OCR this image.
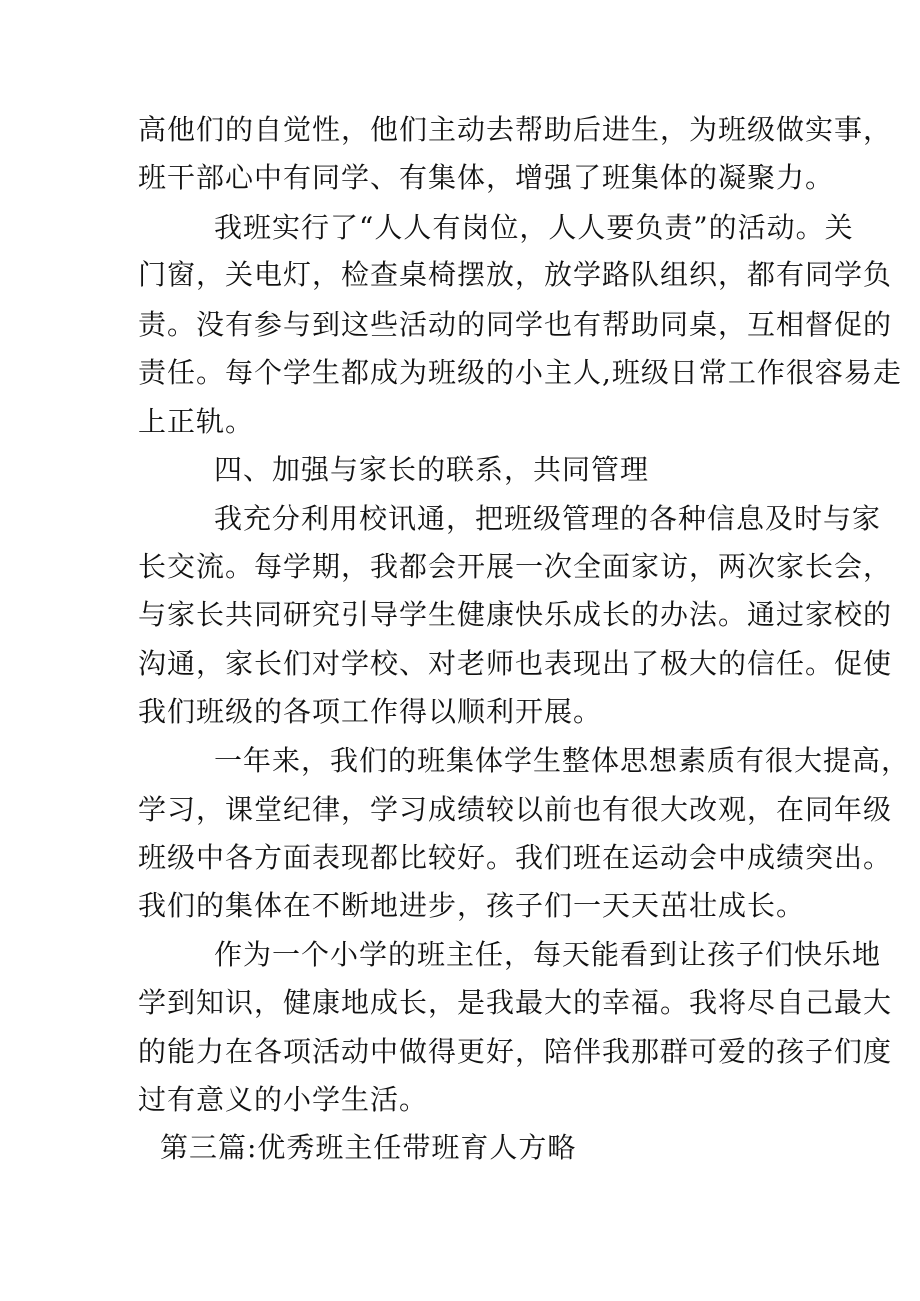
高他们的自觉性，他们主动去帮助后进生，为班级做实事，
班干部心中有同学、有集体，增强了班集体的凝聚力。
我班实行了“人人有岗位，人人要负责”的活动。关
门窗，关电灯，检查桌椅摆放，放学路队组织，都有同学负
责。没有参与到这些活动的同学也有帮助同桌，互相督促的
责任。每个学生都成为班级的小主人,班级日常工作很容易走
上正轨。
四、加强与家长的联系，共同管理
我充分利用校讯通，把班级管理的各种信息及时与家
长交流。每学期，我都会开展一次全面家访，两次家长会，
与家长共同研究引导学生健康快乐成长的办法。通过家校的
沟通，家长们对学校、对老师也表现出了极大的信任。促使
我们班级的各项工作得以顺利开展。
一年来，我们的班集体学生整体思想素质有很大提高，
学习，课堂纪律，学习成绩较以前也有很大改观，在同年级
班级中各方面表现都比较好。我们班在运动会中成绩突出。
我们的集体在不断地进步，孩子们一天天茁壮成长。
作为一个小学的班主任，每天能看到让孩子们快乐地
学到知识，健康地成长，是我最大的幸福。我将尽自己最大
的能力在各项活动中做得更好，陪伴我那群可爱的孩子们度
过有意义的小学生活。
第三篇:优秀班主任带班育人方略
